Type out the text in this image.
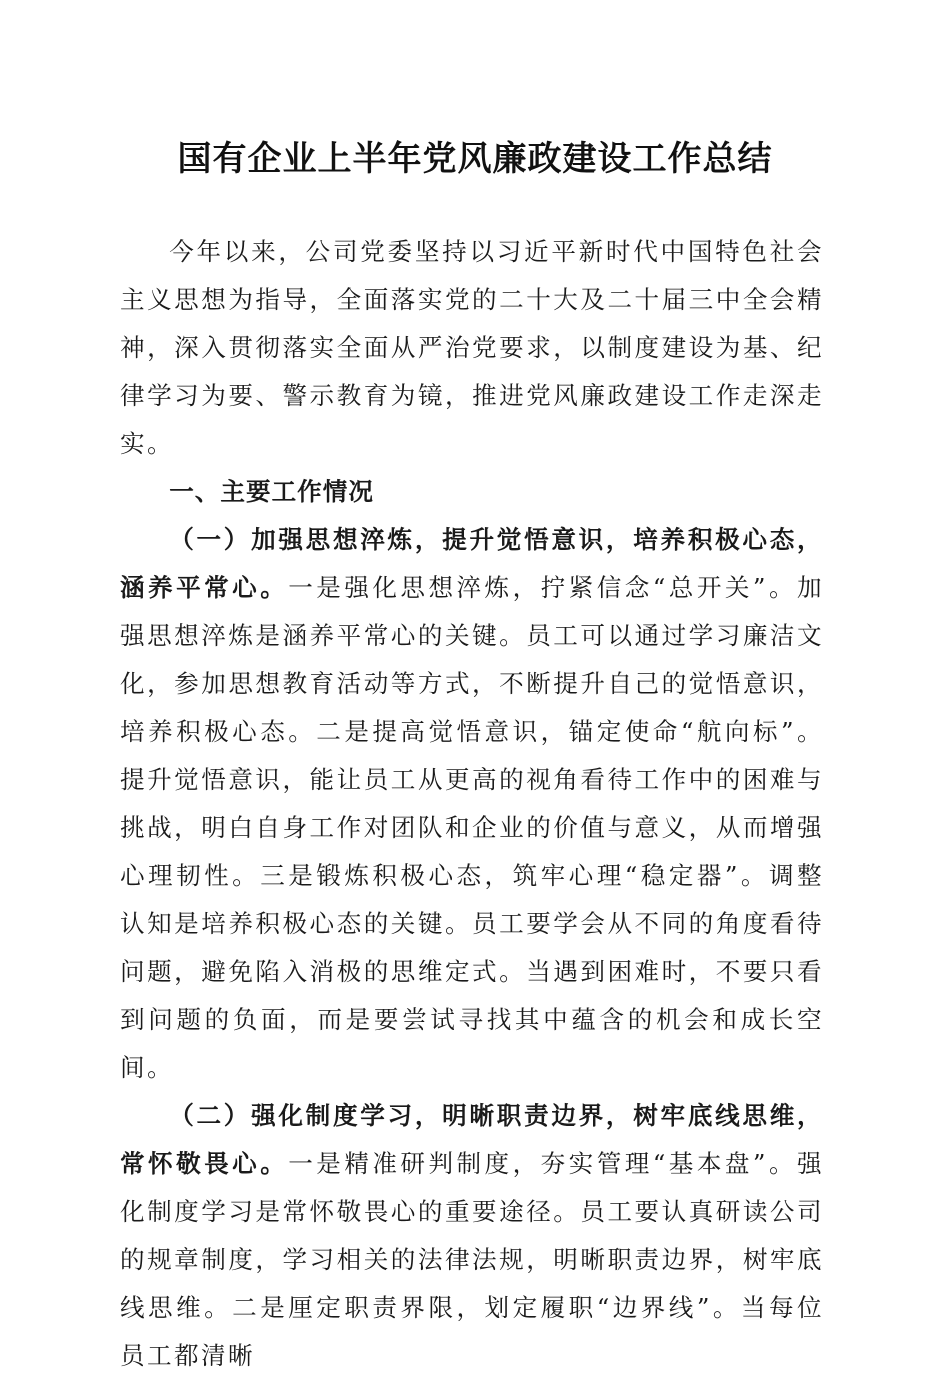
国有企业上半年党风廉政建设工作总结

今年以来，公司党委坚持以习近平新时代中国特色社会主义思想为指导，全面落实党的二十大及二十届三中全会精神，深入贯彻落实全面从严治党要求，以制度建设为基、纪律学习为要、警示教育为镜，推进党风廉政建设工作走深走实。

一、主要工作情况

（一）加强思想淬炼，提升觉悟意识，培养积极心态，涵养平常心。一是强化思想淬炼，拧紧信念“总开关”。加强思想淬炼是涵养平常心的关键。员工可以通过学习廉洁文化，参加思想教育活动等方式，不断提升自己的觉悟意识，培养积极心态。二是提高觉悟意识，锚定使命“航向标”。提升觉悟意识，能让员工从更高的视角看待工作中的困难与挑战，明白自身工作对团队和企业的价值与意义，从而增强心理韧性。三是锻炼积极心态，筑牢心理“稳定器”。调整认知是培养积极心态的关键。员工要学会从不同的角度看待问题，避免陷入消极的思维定式。当遇到困难时，不要只看到问题的负面，而是要尝试寻找其中蕴含的机会和成长空间。

（二）强化制度学习，明晰职责边界，树牢底线思维，常怀敬畏心。一是精准研判制度，夯实管理“基本盘”。强化制度学习是常怀敬畏心的重要途径。员工要认真研读公司的规章制度，学习相关的法律法规，明晰职责边界，树牢底线思维。二是厘定职责界限，划定履职“边界线”。当每位员工都清晰
